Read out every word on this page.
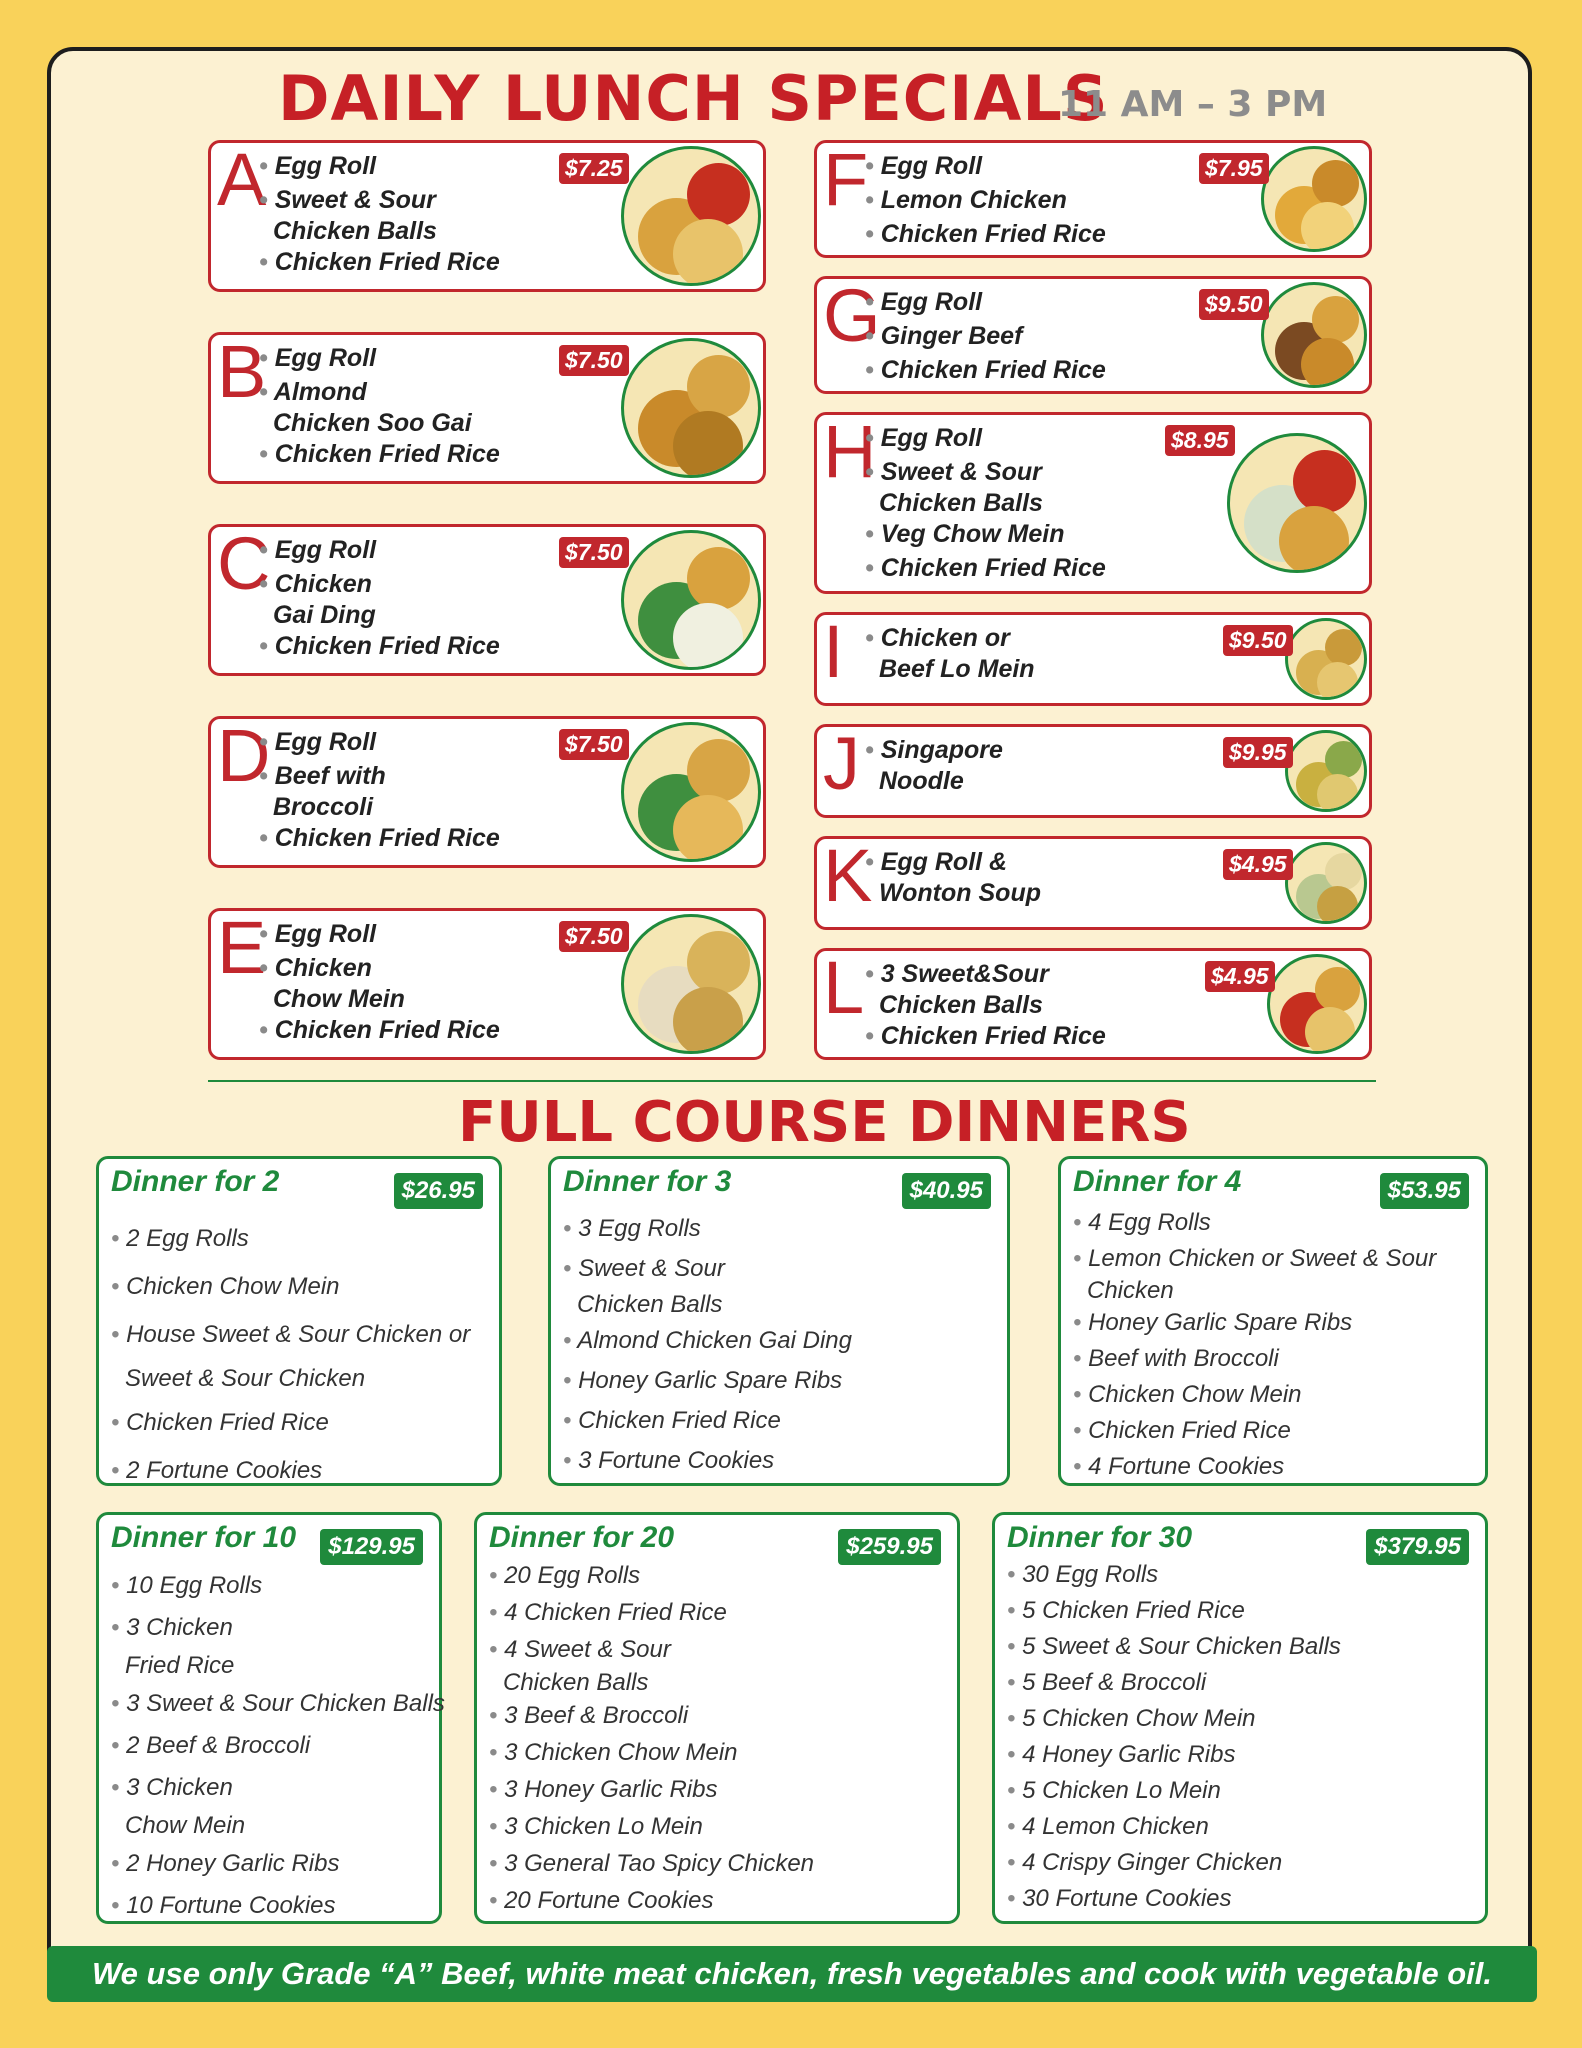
DAILY LUNCH SPECIALS
11 AM – 3 PM
A • Egg Roll
• Sweet & Sour
Chicken Balls
• Chicken Fried Rice
$7.25
B • Egg Roll
• Almond
Chicken Soo Gai
• Chicken Fried Rice
$7.50
C • Egg Roll
• Chicken
Gai Ding
• Chicken Fried Rice
$7.50
D • Egg Roll
• Beef with
Broccoli
• Chicken Fried Rice
$7.50
E • Egg Roll
• Chicken
Chow Mein
• Chicken Fried Rice
$7.50
F • Egg Roll
• Lemon Chicken
• Chicken Fried Rice
$7.95
G • Egg Roll
• Ginger Beef
• Chicken Fried Rice
$9.50
H • Egg Roll
• Sweet & Sour
Chicken Balls
• Veg Chow Mein
• Chicken Fried Rice
$8.95
I	• Chicken or
Beef Lo Mein
$9.50
J • Singapore
Noodle
$9.95
K • Egg Roll &
Wonton Soup
$4.95
L • 3 Sweet&Sour
Chicken Balls
• Chicken Fried Rice
$4.95
FULL COURSE DINNERS
Dinner for 2	$26.95
• 2 Egg Rolls
• Chicken Chow Mein
• House Sweet & Sour Chicken or
Sweet & Sour Chicken
• Chicken Fried Rice
• 2 Fortune Cookies
Dinner for 3	$40.95
• 3 Egg Rolls
• Sweet & Sour
Chicken Balls
• Almond Chicken Gai Ding
• Honey Garlic Spare Ribs
• Chicken Fried Rice
• 3 Fortune Cookies
Dinner for 4	$53.95
• 4 Egg Rolls
• Lemon Chicken or Sweet & Sour
Chicken
• Honey Garlic Spare Ribs
• Beef with Broccoli
• Chicken Chow Mein
• Chicken Fried Rice
• 4 Fortune Cookies
Dinner for 10	$129.95
• 10 Egg Rolls
• 3 Chicken
Fried Rice
• 3 Sweet & Sour Chicken Balls
• 2 Beef & Broccoli
• 3 Chicken
Chow Mein
• 2 Honey Garlic Ribs
• 10 Fortune Cookies
Dinner for 20	$259.95
• 20 Egg Rolls
• 4 Chicken Fried Rice
• 4 Sweet & Sour
Chicken Balls
• 3 Beef & Broccoli
• 3 Chicken Chow Mein
• 3 Honey Garlic Ribs
• 3 Chicken Lo Mein
• 3 General Tao Spicy Chicken
• 20 Fortune Cookies
Dinner for 30	$379.95
• 30 Egg Rolls
• 5 Chicken Fried Rice
• 5 Sweet & Sour Chicken Balls
• 5 Beef & Broccoli
• 5 Chicken Chow Mein
• 4 Honey Garlic Ribs
• 5 Chicken Lo Mein
• 4 Lemon Chicken
• 4 Crispy Ginger Chicken
• 30 Fortune Cookies
We use only Grade “A” Beef, white meat chicken, fresh vegetables and cook with vegetable oil.
